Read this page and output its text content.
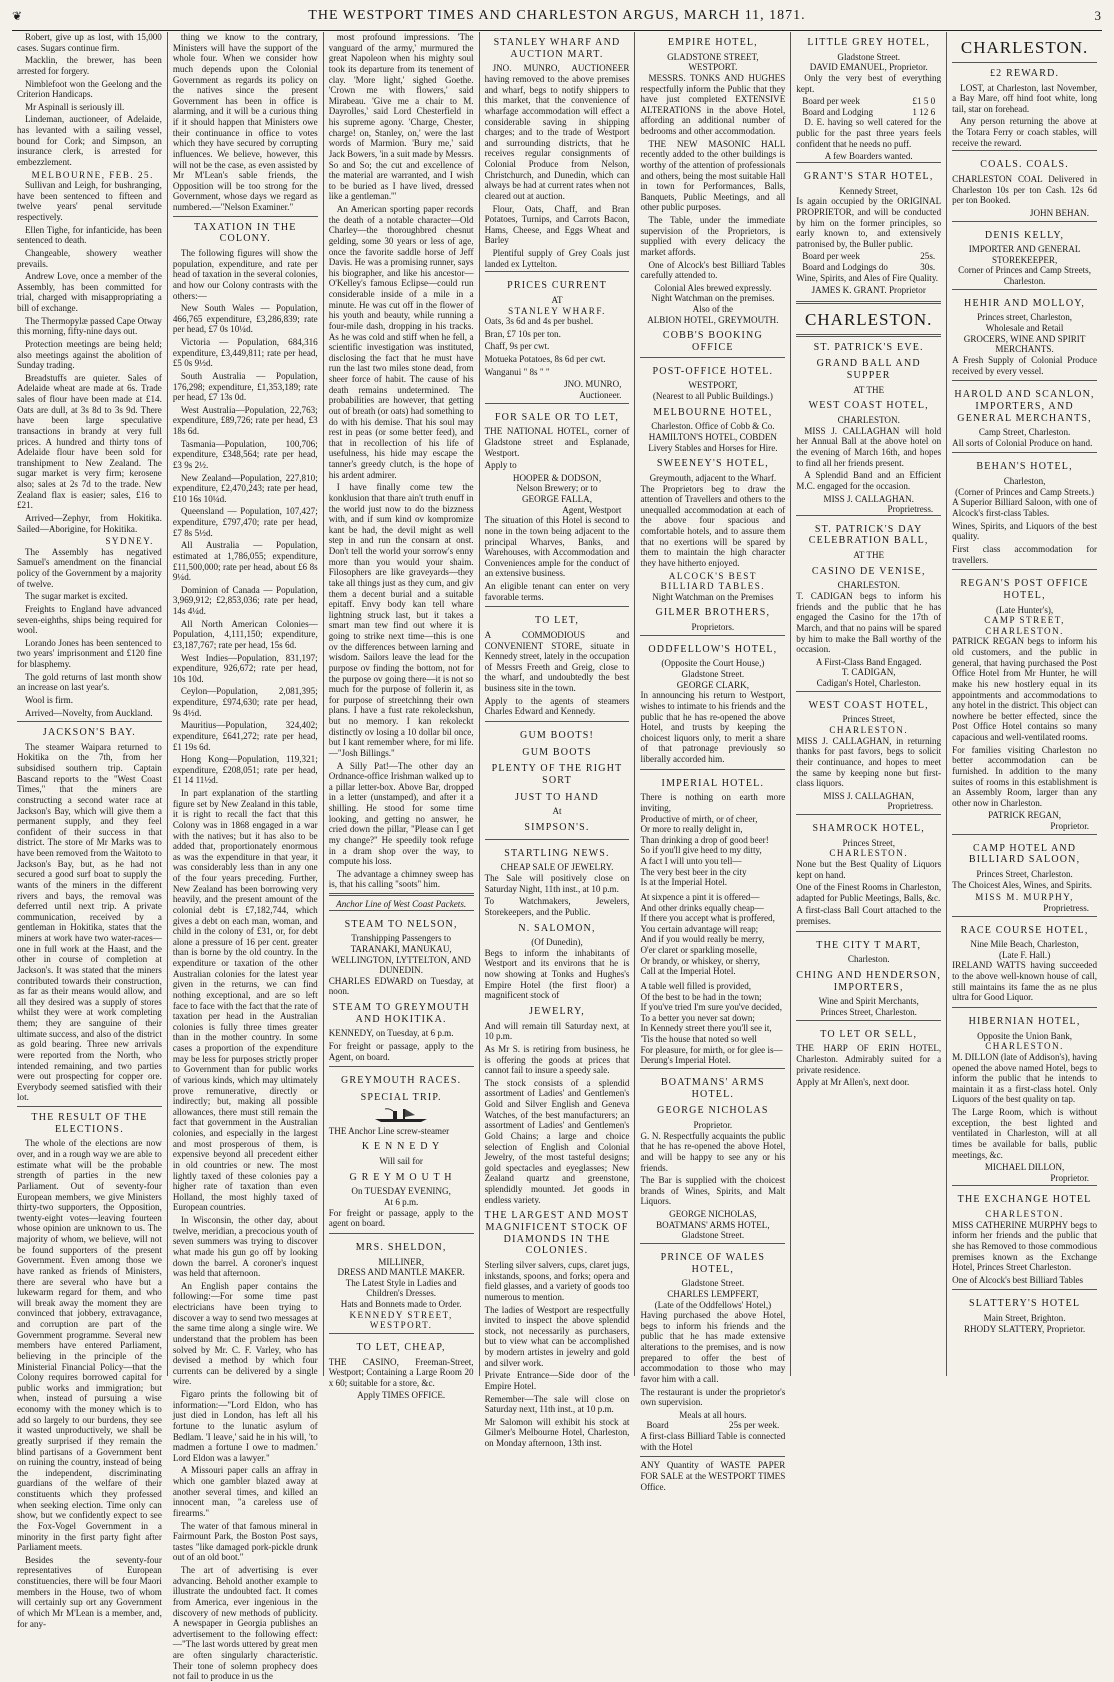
❦	THE WESTPORT TIMES AND CHARLESTON ARGUS, MARCH 11, 1871.	3

Robert, give up as lost, with 15,000 cases. Sugars continue firm.

Macklin, the brewer, has been arrested for forgery.

Nimblefoot won the Geelong and the Criterion Handicaps.

Mr Aspinall is seriously ill.

Lindeman, auctioneer, of Adelaide, has levanted with a sailing vessel, bound for Cork; and Simpson, an insurance clerk, is arrested for embezzlement.

MELBOURNE, FEB. 25.

Sullivan and Leigh, for bushranging, have been sentenced to fifteen and twelve years' penal servitude respectively.

Ellen Tighe, for infanticide, has been sentenced to death.

Changeable, showery weather prevails.

Andrew Love, once a member of the Assembly, has been committed for trial, charged with misappropriating a bill of exchange.

The Thermopylæ passed Cape Otway this morning, fifty-nine days out.

Protection meetings are being held; also meetings against the abolition of Sunday trading.

Breadstuffs are quieter. Sales of Adelaide wheat are made at 6s. Trade sales of flour have been made at £14. Oats are dull, at 3s 8d to 3s 9d. There have been large speculative transactions in brandy at very full prices. A hundred and thirty tons of Adelaide flour have been sold for transhipment to New Zealand. The sugar market is very firm; kerosene also; sales at 2s 7d to the trade. New Zealand flax is easier; sales, £16 to £21.

Arrived—Zephyr, from Hokitika. Sailed—Aborigine, for Hokitika.

SYDNEY.

The Assembly has negatived Samuel's amendment on the financial policy of the Government by a majority of twelve.

The sugar market is excited.

Freights to England have advanced seven-eighths, ships being required for wool.

Lorando Jones has been sentenced to two years' imprisonment and £120 fine for blasphemy.

The gold returns of last month show an increase on last year's.

Wool is firm.

Arrived—Novelty, from Auckland.

JACKSON'S BAY.

The steamer Waipara returned to Hokitika on the 7th, from her subsidised southern trip. Captain Bascand reports to the "West Coast Times," that the miners are constructing a second water race at Jackson's Bay, which will give them a permanent supply, and they feel confident of their success in that district. The store of Mr Marks was to have been removed from the Waitoto to Jackson's Bay, but, as he had not secured a good surf boat to supply the wants of the miners in the different rivers and bays, the removal was deferred until next trip. A private communication, received by a gentleman in Hokitika, states that the miners at work have two water-races—one in full work at the Haast, and the other in course of completion at Jackson's. It was stated that the miners contributed towards their construction, as far as their means would allow, and all they desired was a supply of stores whilst they were at work completing them; they are sanguine of their ultimate success, and also of the district as gold bearing. Three new arrivals were reported from the North, who intended remaining, and two parties were out prospecting for copper ore. Everybody seemed satisfied with their lot.

THE RESULT OF THE ELECTIONS.

The whole of the elections are now over, and in a rough way we are able to estimate what will be the probable strength of parties in the new Parliament. Out of seventy-four European members, we give Ministers thirty-two supporters, the Opposition, twenty-eight votes—leaving fourteen whose opinion are unknown to us. The majority of whom, we believe, will not be found supporters of the present Government. Even among those we have ranked as friends of Ministers, there are several who have but a lukewarm regard for them, and who will break away the moment they are convinced that jobbery, extravagance, and corruption are part of the Government programme. Several new members have entered Parliament, believing in the principle of the Ministerial Financial Policy—that the Colony requires borrowed capital for public works and immigration; but when, instead of pursuing a wise economy with the money which is to add so largely to our burdens, they see it wasted unproductively, we shall be greatly surprised if they remain the blind partisans of a Government bent on ruining the country, instead of being the independent, discriminating guardians of the welfare of their constituents which they professed when seeking election. Time only can show, but we confidently expect to see the Fox-Vogel Government in a minority in the first party fight after Parliament meets.

Besides the seventy-four representatives of European constituencies, there will be four Maori members in the House, two of whom will certainly sup ort any Government of which Mr M'Lean is a member, and, for any-

thing we know to the contrary, Ministers will have the support of the whole four. When we consider how much depends upon the Colonial Government as regards its policy on the natives since the present Government has been in office is alarming, and it will be a curious thing if it should happen that Ministers owe their continuance in office to votes which they have secured by corrupting influences. We believe, however, this will not be the case, as even assisted by Mr M'Lean's sable friends, the Opposition will be too strong for the Government, whose days we regard as numbered.—"Nelson Examiner."

TAXATION IN THE COLONY.

The following figures will show the population, expenditure, and rate per head of taxation in the several colonies, and how our Colony contrasts with the others:—

New South Wales — Population, 466,765 expenditure, £3,286,839; rate per head, £7 0s 10¼d.

Victoria — Population, 684,316 expenditure, £3,449,811; rate per head, £5 0s 9½d.

South Australia — Population, 176,298; expenditure, £1,353,189; rate per head, £7 13s 0d.

West Australia—Population, 22,763; expenditure, £89,726; rate per head, £3 18s 6d.

Tasmania—Population, 100,706; expenditure, £348,564; rate per head, £3 9s 2½.

New Zealand—Population, 227,810; expenditure, £2,470,243; rate per head, £10 16s 10¼d.

Queensland — Population, 107,427; expenditure, £797,470; rate per head, £7 8s 5½d.

All Australia — Population, estimated at 1,786,055; expenditure, £11,500,000; rate per head, about £6 8s 9¼d.

Dominion of Canada — Population, 3,969,912; £2,853,036; rate per head, 14s 4¼d.

All North American Colonies—Population, 4,111,150; expenditure, £3,187,767; rate per head, 15s 6d.

West Indies—Population, 831,197; expenditure, 926,672; rate per head, 10s 10d.

Ceylon—Population, 2,081,395; expenditure, £974,630; rate per head, 9s 4½d.

Mauritius—Population, 324,402; expenditure, £641,272; rate per head, £1 19s 6d.

Hong Kong—Population, 119,321; expenditure, £208,051; rate per head, £1 14 11½d.

In part explanation of the startling figure set by New Zealand in this table, it is right to recall the fact that this Colony was in 1868 engaged in a war with the natives; but it has also to be added that, proportionately enormous as was the expenditure in that year, it was considerably less than in any one of the four years preceding. Further, New Zealand has been borrowing very heavily, and the present amount of the colonial debt is £7,182,744, which gives a debt on each man, woman, and child in the colony of £31, or, for debt alone a pressure of 16 per cent. greater than is borne by the old country. In the expenditure or taxation of the other Australian colonies for the latest year given in the returns, we can find nothing exceptional, and are so left face to face with the fact that the rate of taxation per head in the Australian colonies is fully three times greater than in the mother country. In some cases a proportion of the expenditure may be less for purposes strictly proper to Government than for public works of various kinds, which may ultimately prove remunerative, directly or indirectly; but, making all possible allowances, there must still remain the fact that government in the Australian colonies, and especially in the largest and most prosperous of them, is expensive beyond all precedent either in old countries or new. The most lightly taxed of these colonies pay a higher rate of taxation than even Holland, the most highly taxed of European countries.

In Wisconsin, the other day, about twelve, meridian, a precocious youth of seven summers was trying to discover what made his gun go off by looking down the barrel. A coroner's inquest was held that afternoon.

An English paper contains the following:—For some time past electricians have been trying to discover a way to send two messages at the same time along a single wire. We understand that the problem has been solved by Mr. C. F. Varley, who has devised a method by which four currents can be delivered by a single wire.

Figaro prints the following bit of information:—"Lord Eldon, who has just died in London, has left all his fortune to the lunatic asylum of Bedlam. 'I leave,' said he in his will, 'to madmen a fortune I owe to madmen.' Lord Eldon was a lawyer."

A Missouri paper calls an affray in which one gambler blazed away at another several times, and killed an innocent man, "a careless use of firearms."

The water of that famous mineral in Fairmount Park, the Boston Post says, tastes "like damaged pork-pickle drunk out of an old boot."

The art of advertising is ever advancing. Behold another example to illustrate the undoubted fact. It comes from America, ever ingenious in the discovery of new methods of publicity. A newspaper in Georgia publishes an advertisement to the following effect:—"The last words uttered by great men are often singularly characteristic. Their tone of solemn prophecy does not fail to produce in us the

most profound impressions. 'The vanguard of the army,' murmured the great Napoleon when his mighty soul took its departure from its tenement of clay. 'More light,' sighed Goethe. 'Crown me with flowers,' said Mirabeau. 'Give me a chair to M. Dayrolles,' said Lord Chesterfield in his supreme agony. 'Charge, Chester, charge! on, Stanley, on,' were the last words of Marmion. 'Bury me,' said Jack Bowers, 'in a suit made by Messrs. So and So; the cut and excellence of the material are warranted, and I wish to be buried as I have lived, dressed like a gentleman.'"

An American sporting paper records the death of a notable character—Old Charley—the thoroughbred chesnut gelding, some 30 years or less of age, once the favorite saddle horse of Jeff Davis. He was a promising runner, says his biographer, and like his ancestor—O'Kelley's famous Eclipse—could run considerable inside of a mile in a minute. He was cut off in the flower of his youth and beauty, while running a four-mile dash, dropping in his tracks. As he was cold and stiff when he fell, a scientific investigation was instituted, disclosing the fact that he must have run the last two miles stone dead, from sheer force of habit. The cause of his death remains undetermined. The probabilities are however, that getting out of breath (or oats) had something to do with his demise. That his soul may rest in peas (or some better feed), and that in recollection of his life of usefulness, his hide may escape the tanner's greedy clutch, is the hope of his ardent admirer.

I have finally come tew the konklusion that thare ain't truth enuff in the world just now to do the bizzness with, and if sum kind ov kompromize kant be had, the devil might as well step in and run the consarn at onst. Don't tell the world your sorrow's enny more than you would your shaim. Filosophers are like graveyards—they take all things just as they cum, and giv them a decent burial and a suitable epitaff. Envy body kan tell whare lightning struck last, but it takes a smart man tew find out where it is going to strike next time—this is one ov the differences between larning and wisdom. Sailors leave the lead for the purpose ov finding the bottom, not for the purpose ov going there—it is not so much for the purpose of follerin it, as for purpose of streetchinng their own plans. I have a fust rate rekoleckshun, but no memory. I kan rekoleckt distinctly ov losing a 10 dollar bil once, but I kant remember where, for mi life.—"Josh Billings."

A Silly Pat!—The other day an Ordnance-office Irishman walked up to a pillar letter-box. Above Bar, dropped in a letter (unstamped), and after it a shilling. He stood for some time looking, and getting no answer, he cried down the pillar, "Please can I get my change?" He speedily took refuge in a dram shop over the way, to compute his loss.

The advantage a chimney sweep has is, that his calling "soots" him.

Anchor Line of West Coast Packets.
STEAM TO NELSON,
Transhipping Passengers to
TARANAKI, MANUKAU, WELLINGTON, LYTTELTON, AND DUNEDIN.

CHARLES EDWARD on Tuesday, at noon.

STEAM TO GREYMOUTH AND HOKITIKA.

KENNEDY, on Tuesday, at 6 p.m.

For freight or passage, apply to the Agent, on board.

GREYMOUTH RACES.
SPECIAL TRIP.

THE Anchor Line screw-steamer

K E N N E D Y
Will sail for
G R E Y M O U T H
On TUESDAY EVENING,
At 6 p.m.

For freight or passage, apply to the agent on board.

MRS. SHELDON,
MILLINER,
DRESS AND MANTLE MAKER.
The Latest Style in Ladies and Children's Dresses.
Hats and Bonnets made to Order.
KENNEDY STREET, WESTPORT.
TO LET, CHEAP,

THE CASINO, Freeman-Street, Westport; Containing a Large Room 20 x 60; suitable for a store, &c.

Apply TIMES OFFICE.
STANLEY WHARF AND AUCTION MART.

JNO. MUNRO, AUCTIONEER having removed to the above premises and wharf, begs to notify shippers to this market, that the convenience of wharfage accommodation will effect a considerable saving in shipping charges; and to the trade of Westport and surrounding districts, that he receives regular consignments of Colonial Produce from Nelson, Christchurch, and Dunedin, which can always be had at current rates when not cleared out at auction.

Flour, Oats, Chaff, and Bran Potatoes, Turnips, and Carrots Bacon, Hams, Cheese, and Eggs Wheat and Barley

Plentiful supply of Grey Coals just landed ex Lyttelton.

PRICES CURRENT
AT
STANLEY WHARF.

Oats, 3s 6d and 4s per bushel.

Bran, £7 10s per ton.

Chaff, 9s per cwt.

Motueka Potatoes, 8s 6d per cwt.

Wanganui " 8s " "

JNO. MUNRO,
Auctioneer.
FOR SALE OR TO LET,

THE NATIONAL HOTEL, corner of Gladstone street and Esplanade, Westport.

Apply to

HOOPER & DODSON,
Nelson Brewery; or to
GEORGE FALLA,
Agent, Westport

The situation of this Hotel is second to none in the town being adjacent to the principal Wharves, Banks, and Warehouses, with Accommodation and Conveniences ample for the conduct of an extensive business.

An eligible tenant can enter on very favorable terms.

TO LET,

A COMMODIOUS and CONVENIENT STORE, situate in Kennedy street, lately in the occupation of Messrs Freeth and Greig, close to the wharf, and undoubtedly the best business site in the town.

Apply to the agents of steamers Charles Edward and Kennedy.

GUM BOOTS!
GUM BOOTS
PLENTY OF THE RIGHT SORT
JUST TO HAND
At
SIMPSON'S.
STARTLING NEWS.
CHEAP SALE OF JEWELRY.

The Sale will positively close on Saturday Night, 11th inst., at 10 p.m.

To Watchmakers, Jewelers, Storekeepers, and the Public.

N. SALOMON,
(Of Dunedin),

Begs to inform the inhabitants of Westport and its environs that he is now showing at Tonks and Hughes's Empire Hotel (the first floor) a magnificent stock of

JEWELRY,

And will remain till Saturday next, at 10 p.m.

As Mr S. is retiring from business, he is offering the goods at prices that cannot fail to insure a speedy sale.

The stock consists of a splendid assortment of Ladies' and Gentlemen's Gold and Silver English and Geneva Watches, of the best manufacturers; an assortment of Ladies' and Gentlemen's Gold Chains; a large and choice selection of English and Colonial Jewelry, of the most tasteful designs; gold spectacles and eyeglasses; New Zealand quartz and greenstone, splendidly mounted. Jet goods in endless variety.

THE LARGEST AND MOST MAGNIFICENT STOCK OF DIAMONDS IN THE COLONIES.

Sterling silver salvers, cups, claret jugs, inkstands, spoons, and forks; opera and field glasses, and a variety of goods too numerous to mention.

The ladies of Westport are respectfully invited to inspect the above splendid stock, not necessarily as purchasers, but to view what can be accomplished by modern artistes in jewelry and gold and silver work.

Private Entrance—Side door of the Empire Hotel.

Remember—The sale will close on Saturday next, 11th inst., at 10 p.m.

Mr Salomon will exhibit his stock at Gilmer's Melbourne Hotel, Charleston, on Monday afternoon, 13th inst.

EMPIRE HOTEL,
GLADSTONE STREET,
WESTPORT.

MESSRS. TONKS AND HUGHES respectfully inform the Public that they have just completed EXTENSIVE ALTERATIONS in the above Hotel, affording an additional number of bedrooms and other accommodation.

THE NEW MASONIC HALL recently added to the other buildings is worthy of the attention of professionals and others, being the most suitable Hall in town for Performances, Balls, Banquets, Public Meetings, and all other public purposes.

The Table, under the immediate supervision of the Proprietors, is supplied with every delicacy the market affords.

One of Alcock's best Billiard Tables carefully attended to.

Colonial Ales brewed expressly.
Night Watchman on the premises.
Also of the
ALBION HOTEL, GREYMOUTH.
COBB'S BOOKING OFFICE
POST-OFFICE HOTEL.
WESTPORT,
(Nearest to all Public Buildings.)
MELBOURNE HOTEL,
Charleston. Office of Cobb & Co.
HAMILTON'S HOTEL, COBDEN Livery Stables and Horses for Hire.
SWEENEY'S HOTEL,
Greymouth, adjacent to the Wharf.

The Proprietors beg to draw the attention of Travellers and others to the unequalled accommodation at each of the above four spacious and comfortable hotels, and to assure them that no exertions will be spared by them to maintain the high character they have hitherto enjoyed.

ALCOCK'S BEST BILLIARD TABLES.
Night Watchman on the Premises
GILMER BROTHERS,
Proprietors.
ODDFELLOW'S HOTEL,
(Opposite the Court House,)
Gladstone Street.
GEORGE CLARK,

In announcing his return to Westport, wishes to intimate to his friends and the public that he has re-opened the above Hotel, and trusts by keeping the choicest liquors only, to merit a share of that patronage previously so liberally accorded him.

IMPERIAL HOTEL.
There is nothing on earth more inviting,
Productive of mirth, or of cheer,
Or more to really delight in,
Than drinking a drop of good beer!
So if you'll give heed to my ditty,
A fact I will unto you tell—
The very best beer in the city
Is at the Imperial Hotel.
At sixpence a pint it is offered—
And other drinks equally cheap—
If there you accept what is proffered,
You certain advantage will reap;
And if you would really be merry,
O'er claret or sparkling moselle,
Or brandy, or whiskey, or sherry,
Call at the Imperial Hotel.
A table well filled is provided,
Of the best to be had in the town;
If you've tried I'm sure you've decided,
To a better you never sat down;
In Kennedy street there you'll see it,
'Tis the house that noted so well
For pleasure, for mirth, or for glee is—
Derung's Imperial Hotel.
BOATMANS' ARMS HOTEL.
GEORGE NICHOLAS
Proprietor.

G. N. Respectfully acquaints the public that he has re-opened the above Hotel, and will be happy to see any or his friends.

The Bar is supplied with the choicest brands of Wines, Spirits, and Malt Liquors.

GEORGE NICHOLAS,
BOATMANS' ARMS HOTEL,
Gladstone Street.
PRINCE OF WALES HOTEL,
Gladstone Street.
CHARLES LEMPFERT,
(Late of the Oddfellows' Hotel,)

Having purchased the above Hotel, begs to inform his friends and the public that he has made extensive alterations to the premises, and is now prepared to offer the best of accommodation to those who may favor him with a call.

The restaurant is under the proprietor's own supervision.

Meals at all hours.
Board	25s per week.

A first-class Billiard Table is connected with the Hotel

ANY Quantity of WASTE PAPER FOR SALE at the WESTPORT TIMES Office.

LITTLE GREY HOTEL,
Gladstone Street.
DAVID EMANUEL, Proprietor.

Only the very best of everything kept.

Board per week	£1 5 0
Board and Lodging	1 12 6

D. E. having so well catered for the public for the past three years feels confident that he needs no puff.

A few Boarders wanted.
GRANT'S STAR HOTEL,
Kennedy Street,

Is again occupied by the ORIGINAL PROPRIETOR, and will be conducted by him on the former principles, so early known to, and extensively patronised by, the Buller public.

Board per week	25s.
Board and Lodgings do	30s.

Wine, Spirits, and Ales of Fire Quality.

JAMES K. GRANT. Proprietor
CHARLESTON.
ST. PATRICK'S EVE.
GRAND BALL AND SUPPER
AT THE
WEST COAST HOTEL,
CHARLESTON.

MISS J. CALLAGHAN will hold her Annual Ball at the above hotel on the evening of March 16th, and hopes to find all her friends present.

A Splendid Band and an Efficient M.C. engaged for the occasion.

MISS J. CALLAGHAN.
Proprietress.
ST. PATRICK'S DAY CELEBRATION BALL,
AT THE
CASINO DE VENISE,
CHARLESTON.

T. CADIGAN begs to inform his friends and the public that he has engaged the Casino for the 17th of March, and that no pains will be spared by him to make the Ball worthy of the occasion.

A First-Class Band Engaged.
T. CADIGAN,
Cadigan's Hotel, Charleston.
WEST COAST HOTEL,
Princes Street,
CHARLESTON.

MISS J. CALLAGHAN, in returning thanks for past favors, begs to solicit their continuance, and hopes to meet the same by keeping none but first-class liquors.

MISS J. CALLAGHAN,
Proprietress.
SHAMROCK HOTEL,
Princes Street,
CHARLESTON.

None but the Best Quality of Liquors kept on hand.

One of the Finest Rooms in Charleston, adapted for Public Meetings, Balls, &c.

A first-class Ball Court attached to the premises.

THE CITY T MART,
Charleston.
CHING AND HENDERSON, IMPORTERS,
Wine and Spirit Merchants,
Princes Street, Charleston.
TO LET OR SELL,

THE HARP OF ERIN HOTEL, Charleston. Admirably suited for a private residence.

Apply at Mr Allen's, next door.

CHARLESTON.
£2 REWARD.

LOST, at Charleston, last November, a Bay Mare, off hind foot white, long tail, star on forehead.

Any person returning the above at the Totara Ferry or coach stables, will receive the reward.

COALS. COALS.

CHARLESTON COAL Delivered in Charleston 10s per ton Cash. 12s 6d per ton Booked.

JOHN BEHAN.
DENIS KELLY,
IMPORTER AND GENERAL STOREKEEPER,
Corner of Princes and Camp Streets, Charleston.
HEHIR AND MOLLOY,
Princes street, Charleston,
Wholesale and Retail
GROCERS, WINE AND SPIRIT MERCHANTS.

A Fresh Supply of Colonial Produce received by every vessel.

HAROLD AND SCANLON, IMPORTERS, AND GENERAL MERCHANTS,
Camp Street, Charleston.

All sorts of Colonial Produce on hand.

BEHAN'S HOTEL,
Charleston,
(Corner of Princes and Camp Streets.)

A Superior Billiard Saloon, with one of Alcock's first-class Tables.

Wines, Spirits, and Liquors of the best quality.

First class accommodation for travellers.

REGAN'S POST OFFICE HOTEL,
(Late Hunter's),
CAMP STREET, CHARLESTON.

PATRICK REGAN begs to inform his old customers, and the public in general, that having purchased the Post Office Hotel from Mr Hunter, he will make his new hostlery equal in its appointments and accommodations to any hotel in the district. This object can nowhere be better effected, since the Post Office Hotel contains so many capacious and well-ventilated rooms.

For families visiting Charleston no better accommodation can be furnished. In addition to the many suites of rooms in this establishment is an Assembly Room, larger than any other now in Charleston.

PATRICK REGAN,
Proprietor.
CAMP HOTEL AND BILLIARD SALOON,
Princes Street, Charleston.

The Choicest Ales, Wines, and Spirits.

MISS M. MURPHY,
Proprietress.
RACE COURSE HOTEL,
Nine Mile Beach, Charleston,
(Late F. Hall.)

IRELAND WATTS having succeeded to the above well-known house of call, still maintains its fame the as ne plus ultra for Good Liquor.

HIBERNIAN HOTEL,
Opposite the Union Bank,
CHARLESTON.

M. DILLON (late of Addison's), having opened the above named Hotel, begs to inform the public that he intends to maintain it as a first-class hotel. Only Liquors of the best quality on tap.

The Large Room, which is without exception, the best lighted and ventilated in Charleston, will at all times be available for balls, public meetings, &c.

MICHAEL DILLON,
Proprietor.
THE EXCHANGE HOTEL
CHARLESTON.

MISS CATHERINE MURPHY begs to inform her friends and the public that she has Removed to those commodious premises known as the Exchange Hotel, Princes Street Charleston.

One of Alcock's best Billiard Tables

SLATTERY'S HOTEL
Main Street, Brighton.
RHODY SLATTERY, Proprietor.
